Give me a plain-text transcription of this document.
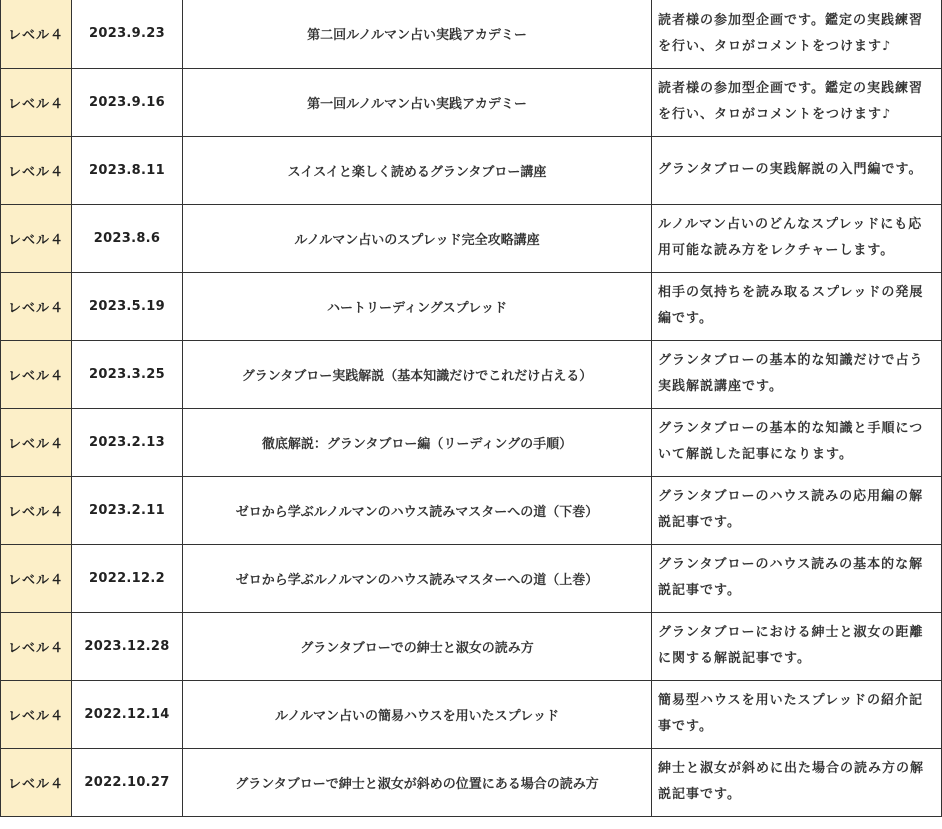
レベル４	2023.9.23	第二回ルノルマン占い実践アカデミー	読者様の参加型企画です。鑑定の実践練習を行い、タロがコメントをつけます♪
レベル４	2023.9.16	第一回ルノルマン占い実践アカデミー	読者様の参加型企画です。鑑定の実践練習を行い、タロがコメントをつけます♪
レベル４	2023.8.11	スイスイと楽しく読めるグランタブロー講座	グランタブローの実践解説の入門編です。
レベル４	2023.8.6	ルノルマン占いのスプレッド完全攻略講座	ルノルマン占いのどんなスプレッドにも応用可能な読み方をレクチャーします。
レベル４	2023.5.19	ハートリーディングスプレッド	相手の気持ちを読み取るスプレッドの発展編です。
レベル４	2023.3.25	グランタブロー実践解説（基本知識だけでこれだけ占える）	グランタブローの基本的な知識だけで占う実践解説講座です。
レベル４	2023.2.13	徹底解説：グランタブロー編（リーディングの手順）	グランタブローの基本的な知識と手順について解説した記事になります。
レベル４	2023.2.11	ゼロから学ぶルノルマンのハウス読みマスターへの道（下巻）	グランタブローのハウス読みの応用編の解説記事です。
レベル４	2022.12.2	ゼロから学ぶルノルマンのハウス読みマスターへの道（上巻）	グランタブローのハウス読みの基本的な解説記事です。
レベル４	2023.12.28	グランタブローでの紳士と淑女の読み方	グランタブローにおける紳士と淑女の距離に関する解説記事です。
レベル４	2022.12.14	ルノルマン占いの簡易ハウスを用いたスプレッド	簡易型ハウスを用いたスプレッドの紹介記事です。
レベル４	2022.10.27	グランタブローで紳士と淑女が斜めの位置にある場合の読み方	紳士と淑女が斜めに出た場合の読み方の解説記事です。
